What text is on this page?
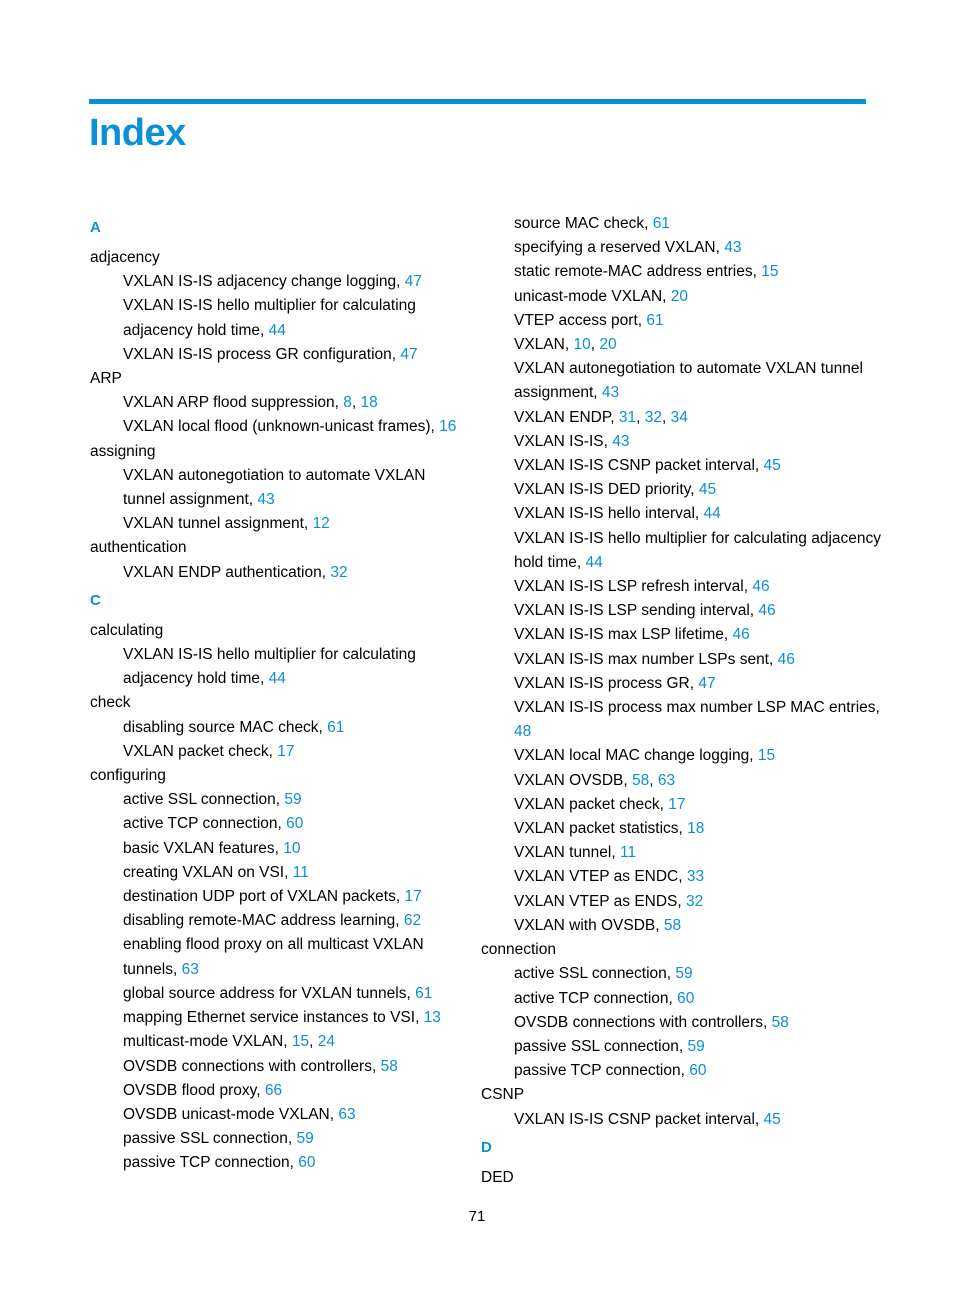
Index
A
adjacency
VXLAN IS-IS adjacency change logging, 47
VXLAN IS-IS hello multiplier for calculating adjacency hold time, 44
VXLAN IS-IS process GR configuration, 47
ARP
VXLAN ARP flood suppression, 8, 18
VXLAN local flood (unknown-unicast frames), 16
assigning
VXLAN autonegotiation to automate VXLAN tunnel assignment, 43
VXLAN tunnel assignment, 12
authentication
VXLAN ENDP authentication, 32
C
calculating
VXLAN IS-IS hello multiplier for calculating adjacency hold time, 44
check
disabling source MAC check, 61
VXLAN packet check, 17
configuring
active SSL connection, 59
active TCP connection, 60
basic VXLAN features, 10
creating VXLAN on VSI, 11
destination UDP port of VXLAN packets, 17
disabling remote-MAC address learning, 62
enabling flood proxy on all multicast VXLAN tunnels, 63
global source address for VXLAN tunnels, 61
mapping Ethernet service instances to VSI, 13
multicast-mode VXLAN, 15, 24
OVSDB connections with controllers, 58
OVSDB flood proxy, 66
OVSDB unicast-mode VXLAN, 63
passive SSL connection, 59
passive TCP connection, 60
source MAC check, 61
specifying a reserved VXLAN, 43
static remote-MAC address entries, 15
unicast-mode VXLAN, 20
VTEP access port, 61
VXLAN, 10, 20
VXLAN autonegotiation to automate VXLAN tunnel assignment, 43
VXLAN ENDP, 31, 32, 34
VXLAN IS-IS, 43
VXLAN IS-IS CSNP packet interval, 45
VXLAN IS-IS DED priority, 45
VXLAN IS-IS hello interval, 44
VXLAN IS-IS hello multiplier for calculating adjacency hold time, 44
VXLAN IS-IS LSP refresh interval, 46
VXLAN IS-IS LSP sending interval, 46
VXLAN IS-IS max LSP lifetime, 46
VXLAN IS-IS max number LSPs sent, 46
VXLAN IS-IS process GR, 47
VXLAN IS-IS process max number LSP MAC entries, 48
VXLAN local MAC change logging, 15
VXLAN OVSDB, 58, 63
VXLAN packet check, 17
VXLAN packet statistics, 18
VXLAN tunnel, 11
VXLAN VTEP as ENDC, 33
VXLAN VTEP as ENDS, 32
VXLAN with OVSDB, 58
connection
active SSL connection, 59
active TCP connection, 60
OVSDB connections with controllers, 58
passive SSL connection, 59
passive TCP connection, 60
CSNP
VXLAN IS-IS CSNP packet interval, 45
D
DED
71
